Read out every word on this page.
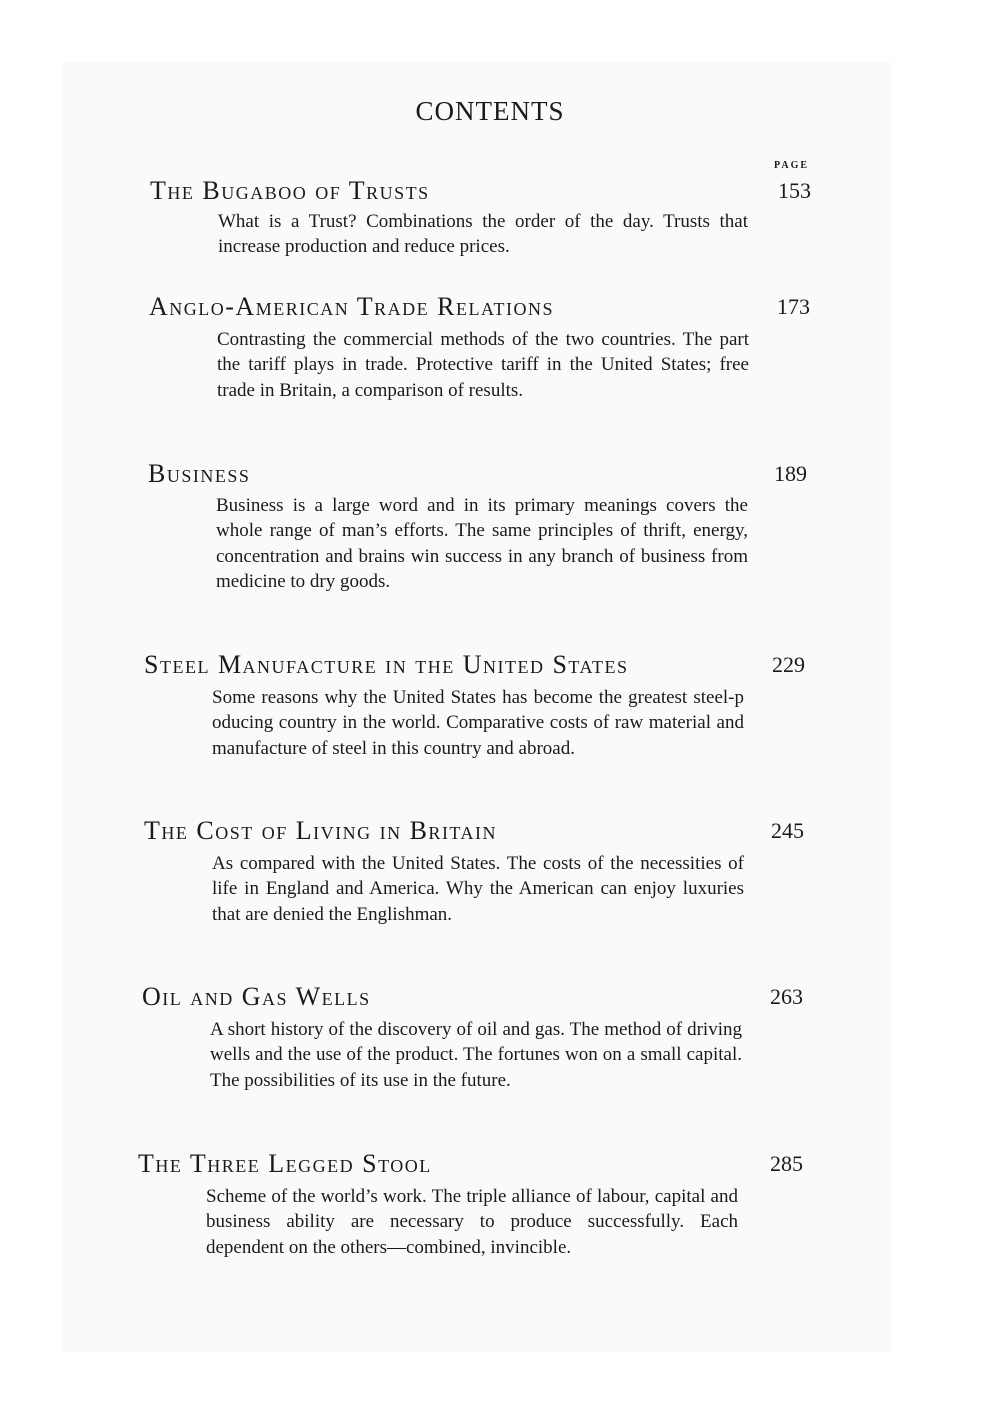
CONTENTS
PAGE
The Bugaboo of Trusts	153
What is a Trust? Combinations the order of the day. Trusts that increase production and reduce prices.
Anglo-American Trade Relations	173
Contrasting the commercial methods of the two countries. The part the tariff plays in trade. Protective tariff in the United States; free trade in Britain, a comparison of results.
Business	189
Business is a large word and in its primary meanings covers the whole range of man’s efforts. The same principles of thrift, energy, concentration and brains win success in any branch of business from medicine to dry goods.
Steel Manufacture in the United States	229
Some reasons why the United States has become the greatest steel-p oducing country in the world. Comparative costs of raw material and manufacture of steel in this country and abroad.
The Cost of Living in Britain	245
As compared with the United States. The costs of the necessities of life in England and America. Why the American can enjoy luxuries that are denied the Englishman.
Oil and Gas Wells	263
A short history of the discovery of oil and gas. The method of driving wells and the use of the product. The fortunes won on a small capital. The possibilities of its use in the future.
The Three Legged Stool	285
Scheme of the world’s work. The triple alliance of labour, capital and business ability are necessary to produce successfully. Each dependent on the others—combined, invincible.
